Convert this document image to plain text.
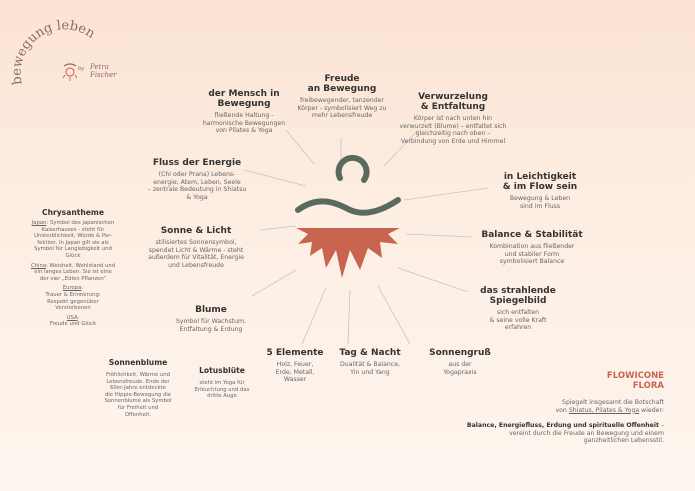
bewegung leben
by Petra Fischer	Freude
an Bewegung
freibewegender, tanzender
Körper - symbolisiert Weg zu
mehr Lebensfreude
der Mensch in
Bewegung
fließende Haltung -
harmonische Bewegungen
von Pilates & Yoga
Verwurzelung
& Entfaltung
Körper ist nach unten hin
verwurzelt (Blume) – entfaltet sich
gleichzeitig nach oben –
Verbindung von Erde und Himmel
Fluss der Energie
(Chi oder Prana) Lebens-
energie, Atem, Leben, Seele
– zentrale Bedeutung in Shiatsu
& Yoga
in Leichtigkeit
& im Flow sein
Bewegung & Leben
sind im Fluss
Sonne & Licht
stilisiertes Sonnensymbol,
spendet Licht & Wärme - steht
außerdem für Vitalität, Energie
und Lebensfreude
Balance & Stabilität
Kombination aus fließender
und stabiler Form
symbolisiert Balance
das strahlende
Spiegelbild
sich entfalten
& seine volle Kraft
erfahren
Blume
Symbol für Wachstum,
Entfaltung & Erdung
5 Elemente
Holz, Feuer,
Erde, Metall,
Wasser
Tag & Nacht
Dualität & Balance,
Yin und Yang
Sonnengruß
aus der
Yogapraxis
Chrysantheme
Japan: Symbol des japanischen
Kaiserhauses - steht für
Unsterblichkeit, Würde & Per-
fektion. In Japan gilt sie als
Symbol für Langlebigkeit und
Glück
China: Weisheit, Wohlstand und
ein langes Leben. Sie ist eine
der vier „Edlen Pflanzen“
Europa:
Trauer & Erinnerung:
Respekt gegenüber
Verstorbenen
USA:
Freude und Glück
Sonnenblume
Fröhlichkeit, Wärme und
Lebensfreude. Ende der
60er-Jahre entdeckte
die Hippie-Bewegung die
Sonnenblume als Symbol
für Freiheit und
Offenheit.
Lotusblüte
steht im Yoga für
Erleuchtung und das
dritte Auge
FLOWICONE
FLORA
Spiegelt insgesamt die Botschaft
von Shiatus, Pilates & Yoga wieder:
Balance, Energiefluss, Erdung und spirituelle Offenheit –
vereint durch die Freude an Bewegung und einem
ganzheitlichen Lebensstil.
